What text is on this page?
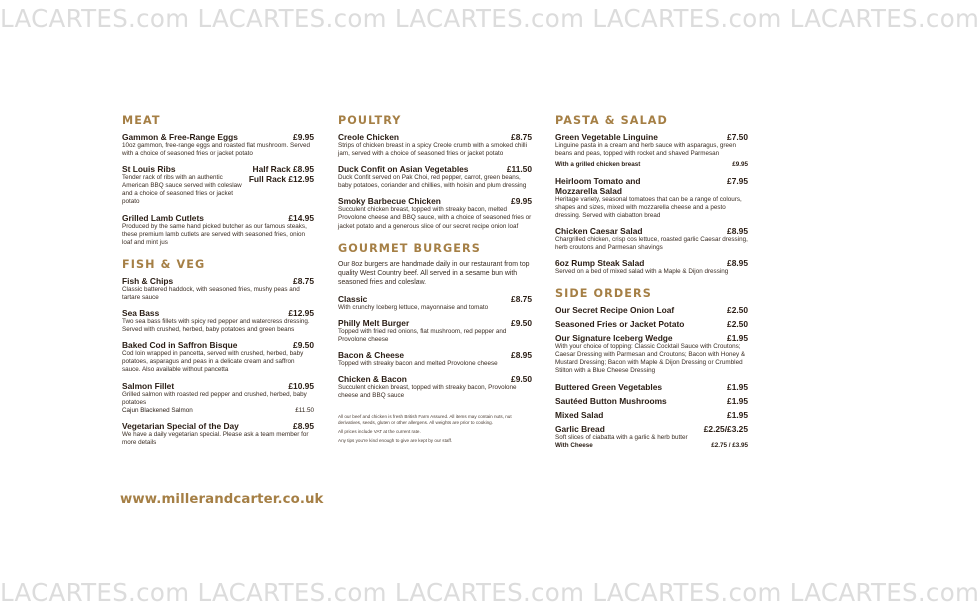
LACARTES.com LACARTES.com LACARTES.com LACARTES.com LACARTES.com
LACARTES.com LACARTES.com LACARTES.com LACARTES.com LACARTES.com
MEAT
Gammon & Free-Range Eggs	£9.95
10oz gammon, free-range eggs and roasted flat mushroom. Served with a choice of seasoned fries or jacket potato
St Louis Ribs	Half Rack £8.95
Tender rack of ribs with an authentic American BBQ sauce served with coleslaw and a choice of seasoned fries or jacket potato
Full Rack £12.95
Grilled Lamb Cutlets	£14.95
Produced by the same hand picked butcher as our famous steaks, these premium lamb cutlets are served with seasoned fries, onion loaf and mint jus
FISH & VEG
Fish & Chips	£8.75
Classic battered haddock, with seasoned fries, mushy peas and tartare sauce
Sea Bass	£12.95
Two sea bass fillets with spicy red pepper and watercress dressing. Served with crushed, herbed, baby potatoes and green beans
Baked Cod in Saffron Bisque	£9.50
Cod loin wrapped in pancetta, served with crushed, herbed, baby potatoes, asparagus and peas in a delicate cream and saffron sauce. Also available without pancetta
Salmon Fillet	£10.95
Grilled salmon with roasted red pepper and crushed, herbed, baby potatoes
Cajun Blackened Salmon	£11.50
Vegetarian Special of the Day	£8.95
We have a daily vegetarian special. Please ask a team member for more details
www.millerandcarter.co.uk
POULTRY
Creole Chicken	£8.75
Strips of chicken breast in a spicy Creole crumb with a smoked chilli jam, served with a choice of seasoned fries or jacket potato
Duck Confit on Asian Vegetables	£11.50
Duck Confit served on Pak Choi, red pepper, carrot, green beans, baby potatoes, coriander and chillies, with hoisin and plum dressing
Smoky Barbecue Chicken	£9.95
Succulent chicken breast, topped with streaky bacon, melted Provolone cheese and BBQ sauce, with a choice of seasoned fries or jacket potato and a generous slice of our secret recipe onion loaf
GOURMET BURGERS
Our 8oz burgers are handmade daily in our restaurant from top quality West Country beef. All served in a sesame bun with seasoned fries and coleslaw.
Classic	£8.75
With crunchy Iceberg lettuce, mayonnaise and tomato
Philly Melt Burger	£9.50
Topped with fried red onions, flat mushroom, red pepper and Provolone cheese
Bacon & Cheese	£8.95
Topped with streaky bacon and melted Provolone cheese
Chicken & Bacon	£9.50
Succulent chicken breast, topped with streaky bacon, Provolone cheese and BBQ sauce
All our beef and chicken is fresh British Farm Assured. All items may contain nuts, nut derivatives, seeds, gluten or other allergens. All weights are prior to cooking.
All prices include VAT at the current rate.
Any tips you're kind enough to give are kept by our staff.
PASTA & SALAD
Green Vegetable Linguine	£7.50
Linguine pasta in a cream and herb sauce with asparagus, green beans and peas, topped with rocket and shaved Parmesan
With a grilled chicken breast	£9.95
Heirloom Tomato and Mozzarella Salad
£7.95
Heritage variety, seasonal tomatoes that can be a range of colours, shapes and sizes, mixed with mozzarella cheese and a pesto dressing. Served with ciabatton bread
Chicken Caesar Salad	£8.95
Chargrilled chicken, crisp cos lettuce, roasted garlic Caesar dressing, herb croutons and Parmesan shavings
6oz Rump Steak Salad	£8.95
Served on a bed of mixed salad with a Maple & Dijon dressing
SIDE ORDERS
Our Secret Recipe Onion Loaf	£2.50
Seasoned Fries or Jacket Potato	£2.50
Our Signature Iceberg Wedge	£1.95
With your choice of topping: Classic Cocktail Sauce with Croutons; Caesar Dressing with Parmesan and Croutons; Bacon with Honey & Mustard Dressing; Bacon with Maple & Dijon Dressing or Crumbled Stilton with a Blue Cheese Dressing
Buttered Green Vegetables	£1.95
Sautéed Button Mushrooms	£1.95
Mixed Salad	£1.95
Garlic Bread	£2.25/£3.25
Soft slices of ciabatta with a garlic & herb butter
With Cheese	£2.75 / £3.95
